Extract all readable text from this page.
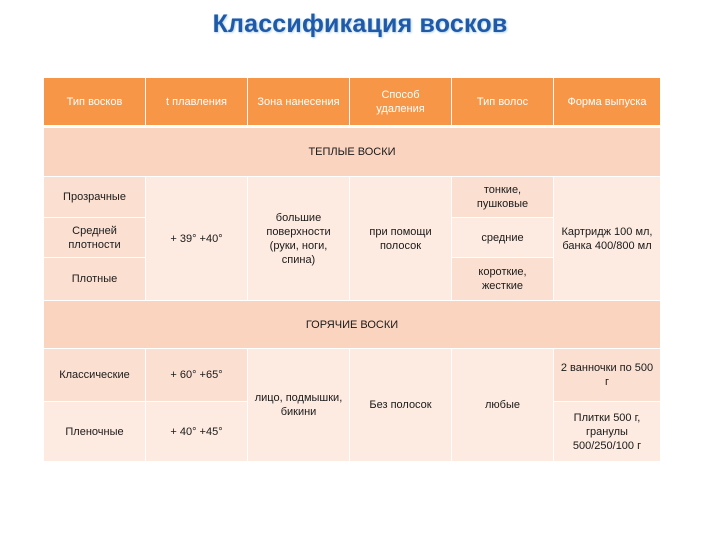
Классификация восков
Тип восков	t плавления	Зона нанесения	Способ удаления	Тип волос	Форма выпуска
ТЕПЛЫЕ ВОСКИ					
Прозрачные	+ 39° +40°	большие поверхности (руки, ноги, спина)	при помощи полосок	тонкие, пушковые	Картридж 100 мл, банка 400/800 мл
Средней плотности				средние	
Плотные				короткие, жесткие	
ГОРЯЧИЕ ВОСКИ					
Классические	+ 60° +65°	лицо, подмышки, бикини	Без полосок	любые	2 ванночки по 500 г
Пленочные	+ 40° +45°				Плитки 500 г, гранулы 500/250/100 г
